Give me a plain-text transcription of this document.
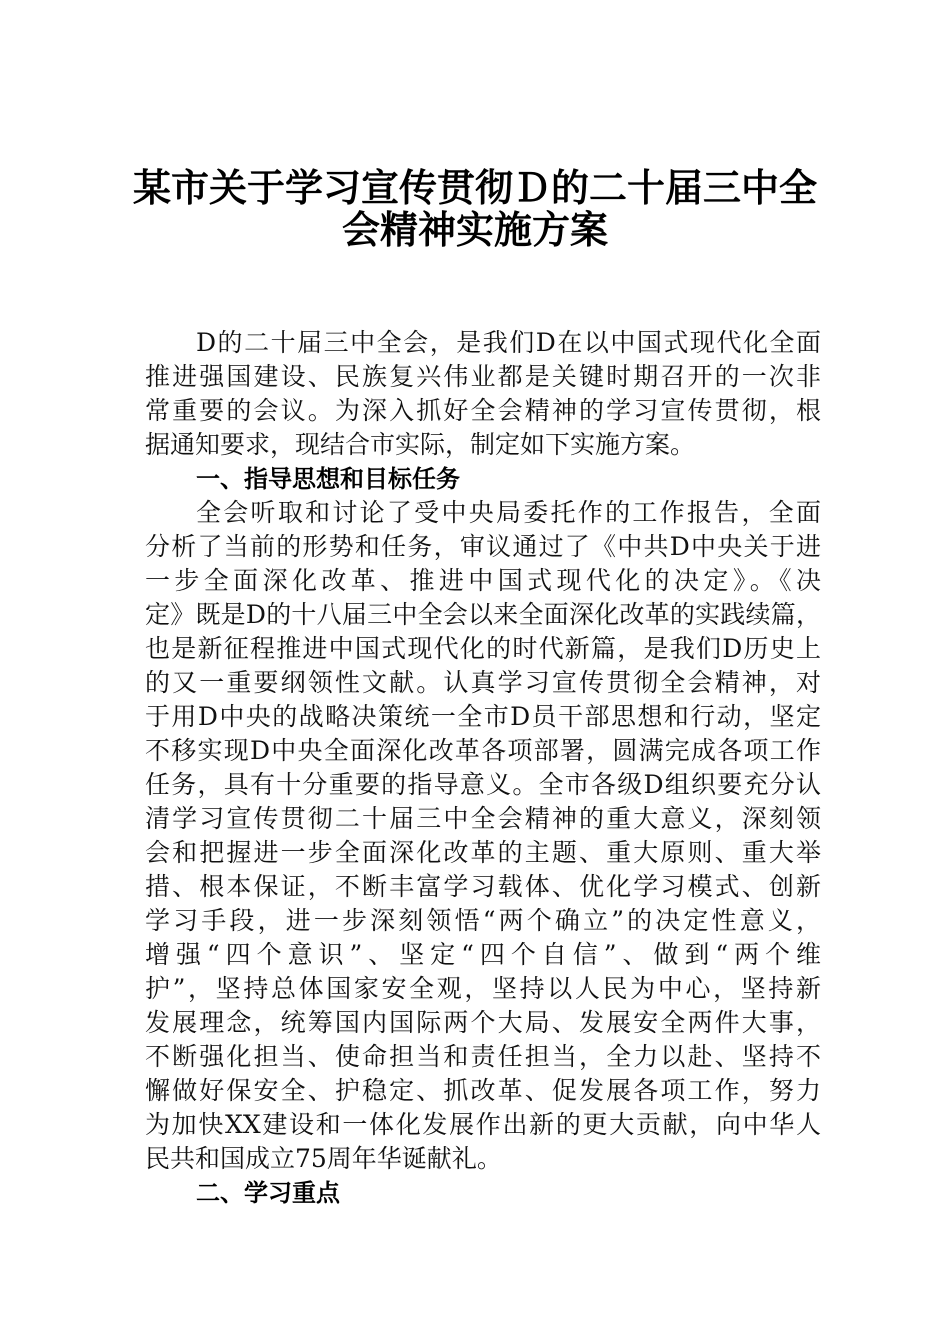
某市关于学习宣传贯彻Ｄ的二十届三中全
会精神实施方案
D的二十届三中全会，是我们D在以中国式现代化全面
推进强国建设、民族复兴伟业都是关键时期召开的一次非
常重要的会议。为深入抓好全会精神的学习宣传贯彻，根
据通知要求，现结合市实际，制定如下实施方案。
一、指导思想和目标任务
全会听取和讨论了受中央局委托作的工作报告，全面
分析了当前的形势和任务，审议通过了《中共D中央关于进
一步全面深化改革、推进中国式现代化的决定》。《决
定》既是D的十八届三中全会以来全面深化改革的实践续篇，
也是新征程推进中国式现代化的时代新篇，是我们D历史上
的又一重要纲领性文献。认真学习宣传贯彻全会精神，对
于用D中央的战略决策统一全市D员干部思想和行动，坚定
不移实现D中央全面深化改革各项部署，圆满完成各项工作
任务，具有十分重要的指导意义。全市各级D组织要充分认
清学习宣传贯彻二十届三中全会精神的重大意义，深刻领
会和把握进一步全面深化改革的主题、重大原则、重大举
措、根本保证，不断丰富学习载体、优化学习模式、创新
学习手段，进一步深刻领悟“两个确立”的决定性意义，
增强“四个意识”、坚定“四个自信”、做到“两个维
护”，坚持总体国家安全观，坚持以人民为中心，坚持新
发展理念，统筹国内国际两个大局、发展安全两件大事，
不断强化担当、使命担当和责任担当，全力以赴、坚持不
懈做好保安全、护稳定、抓改革、促发展各项工作，努力
为加快XX建设和一体化发展作出新的更大贡献，向中华人
民共和国成立75周年华诞献礼。
二、学习重点
